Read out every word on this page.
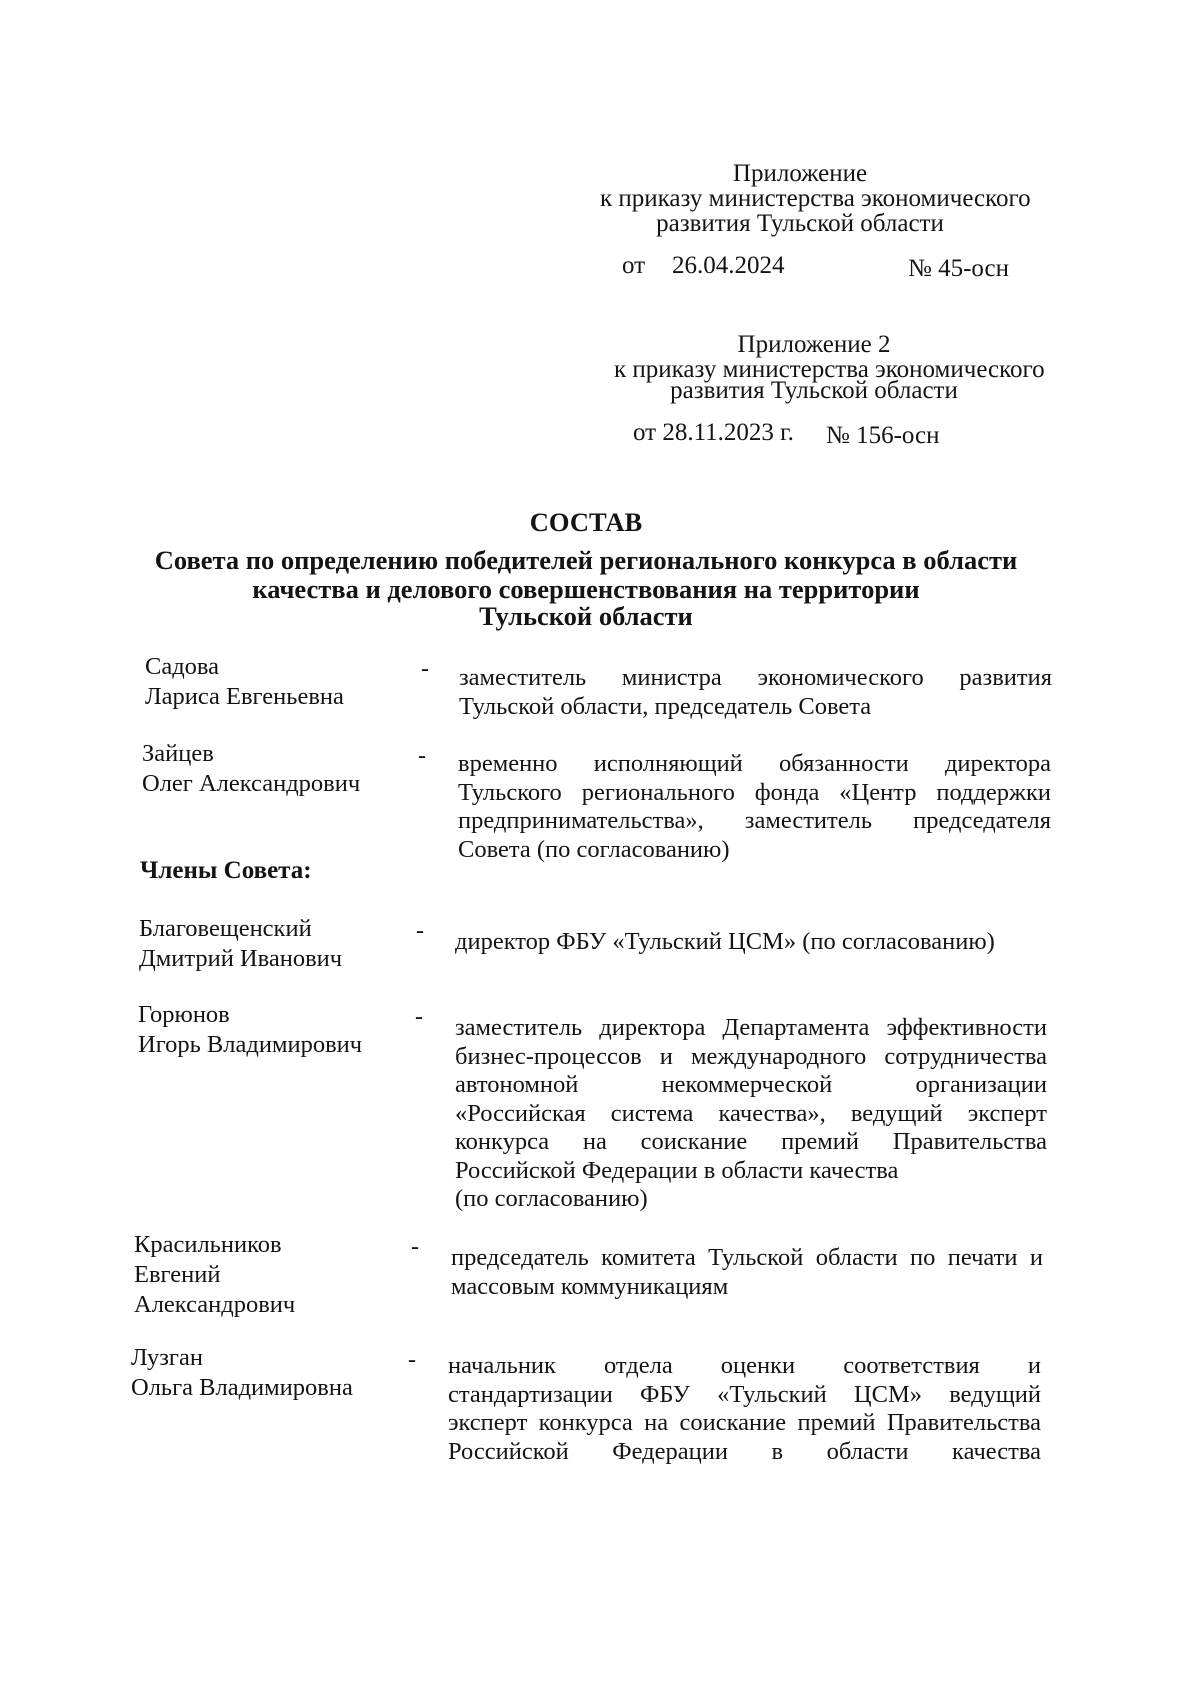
Приложение
к приказу министерства экономического
развития Тульской области
от 26.04.2024	№ 45-осн
Приложение 2
к приказу министерства экономического
развития Тульской области
от 28.11.2023 г. № 156-осн
СОСТАВ
Совета по определению победителей регионального конкурса в области
качества и делового совершенствования на территории
Тульской области
Садова
Лариса Евгеньевна
- заместитель министра экономического развития
Тульской области, председатель Совета
Зайцев
Олег Александрович
- временно исполняющий обязанности директора
Тульского регионального фонда «Центр поддержки
предпринимательства», заместитель председателя
Совета (по согласованию)
Члены Совета:
Благовещенский
Дмитрий Иванович
- директор ФБУ «Тульский ЦСМ» (по согласованию)
Горюнов
Игорь Владимирович
- заместитель директора Департамента эффективности
бизнес-процессов и международного сотрудничества
автономной некоммерческой организации
«Российская система качества», ведущий эксперт
конкурса на соискание премий Правительства
Российской Федерации в области качества
(по согласованию)
Красильников
Евгений
Александрович
- председатель комитета Тульской области по печати и
массовым коммуникациям
Лузган
Ольга Владимировна
- начальник отдела оценки соответствия и
стандартизации ФБУ «Тульский ЦСМ» ведущий
эксперт конкурса на соискание премий Правительства
Российской Федерации в области качества
